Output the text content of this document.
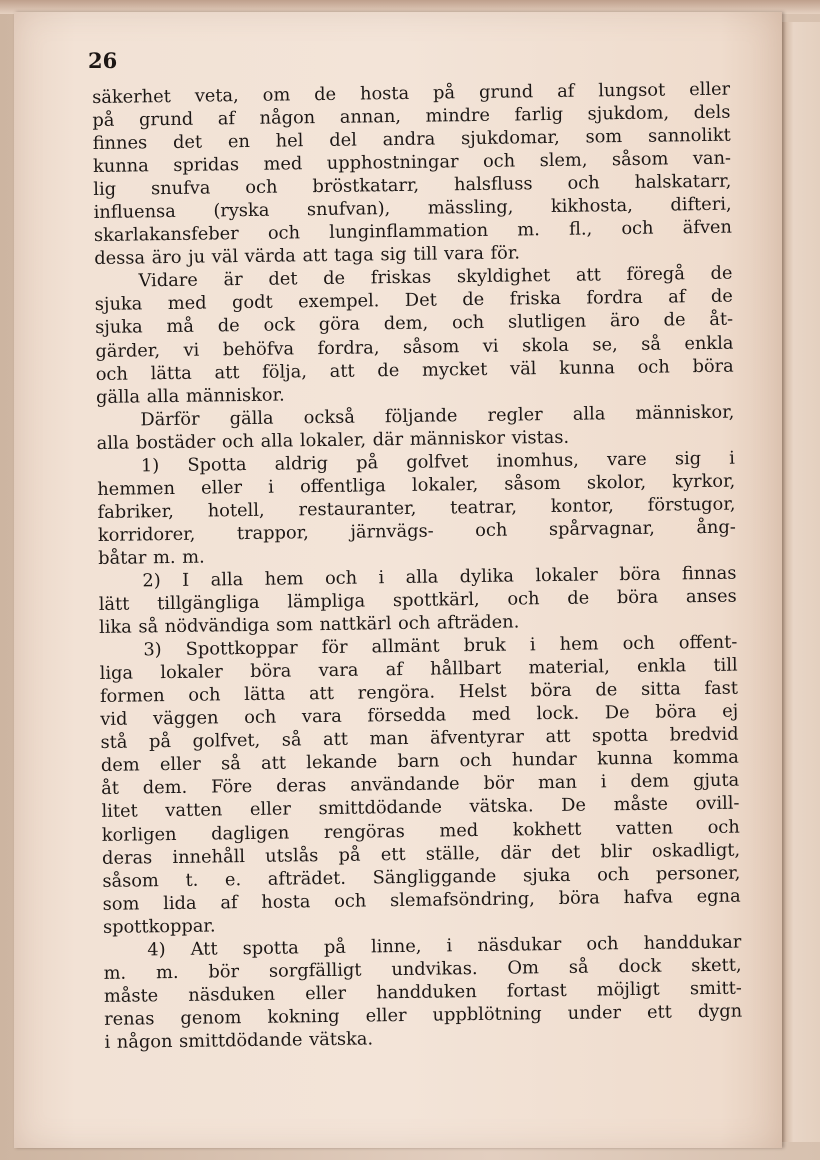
26
säkerhet veta, om de hosta på grund af lungsot eller
på grund af någon annan, mindre farlig sjukdom, dels
finnes det en hel del andra sjukdomar, som sannolikt
kunna spridas med upphostningar och slem, såsom van-
lig snufva och bröstkatarr, halsfluss och halskatarr,
influensa (ryska snufvan), mässling, kikhosta, difteri,
skarlakansfeber och lunginflammation m. fl., och äfven
dessa äro ju väl värda att taga sig till vara för.
Vidare är det de friskas skyldighet att föregå de
sjuka med godt exempel. Det de friska fordra af de
sjuka må de ock göra dem, och slutligen äro de åt-
gärder, vi behöfva fordra, såsom vi skola se, så enkla
och lätta att följa, att de mycket väl kunna och böra
gälla alla människor.
Därför gälla också följande regler alla människor,
alla bostäder och alla lokaler, där människor vistas.
1) Spotta aldrig på golfvet inomhus, vare sig i
hemmen eller i offentliga lokaler, såsom skolor, kyrkor,
fabriker, hotell, restauranter, teatrar, kontor, förstugor,
korridorer, trappor, järnvägs- och spårvagnar, ång-
båtar m. m.
2) I alla hem och i alla dylika lokaler böra finnas
lätt tillgängliga lämpliga spottkärl, och de böra anses
lika så nödvändiga som nattkärl och afträden.
3) Spottkoppar för allmänt bruk i hem och offent-
liga lokaler böra vara af hållbart material, enkla till
formen och lätta att rengöra. Helst böra de sitta fast
vid väggen och vara försedda med lock. De böra ej
stå på golfvet, så att man äfventyrar att spotta bredvid
dem eller så att lekande barn och hundar kunna komma
åt dem. Före deras användande bör man i dem gjuta
litet vatten eller smittdödande vätska. De måste ovill-
korligen dagligen rengöras med kokhett vatten och
deras innehåll utslås på ett ställe, där det blir oskadligt,
såsom t. e. afträdet. Sängliggande sjuka och personer,
som lida af hosta och slemafsöndring, böra hafva egna
spottkoppar.
4) Att spotta på linne, i näsdukar och handdukar
m. m. bör sorgfälligt undvikas. Om så dock skett,
måste näsduken eller handduken fortast möjligt smitt-
renas genom kokning eller uppblötning under ett dygn
i någon smittdödande vätska.
